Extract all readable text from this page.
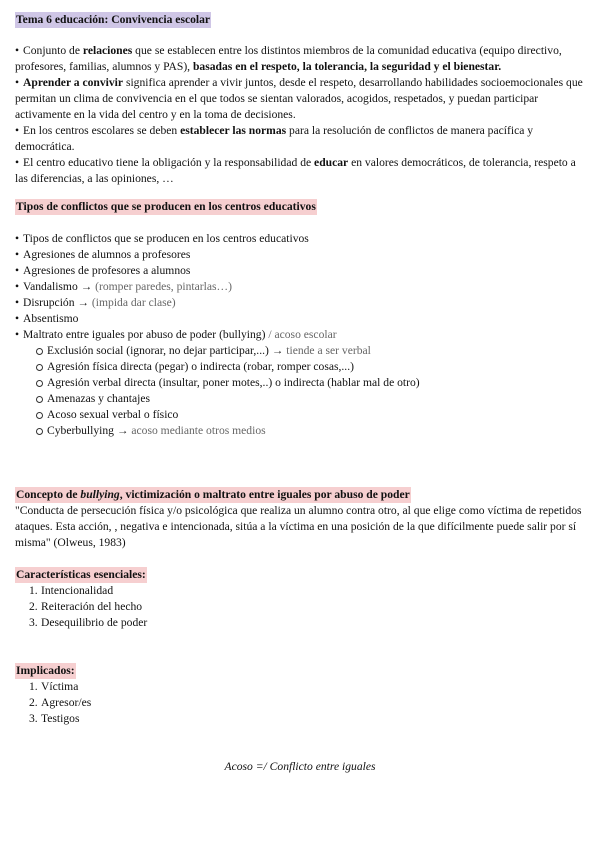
Tema 6 educación: Convivencia escolar

• Conjunto de relaciones que se establecen entre los distintos miembros de la comunidad educativa (equipo directivo, profesores, familias, alumnos y PAS), basadas en el respeto, la tolerancia, la seguridad y el bienestar.

• Aprender a convivir significa aprender a vivir juntos, desde el respeto, desarrollando habilidades socioemocionales que permitan un clima de convivencia en el que todos se sientan valorados, acogidos, respetados, y puedan participar activamente en la vida del centro y en la toma de decisiones.

• En los centros escolares se deben establecer las normas para la resolución de conflictos de manera pacífica y democrática.

• El centro educativo tiene la obligación y la responsabilidad de educar en valores democráticos, de tolerancia, respeto a las diferencias, a las opiniones, …

Tipos de conflictos que se producen en los centros educativos
• Tipos de conflictos que se producen en los centros educativos
• Agresiones de alumnos a profesores
• Agresiones de profesores a alumnos
• Vandalismo → (romper paredes, pintarlas…)
• Disrupción → (impida dar clase)
• Absentismo
• Maltrato entre iguales por abuso de poder (bullying) / acoso escolar
Exclusión social (ignorar, no dejar participar,...) → tiende a ser verbal
Agresión física directa (pegar) o indirecta (robar, romper cosas,...)
Agresión verbal directa (insultar, poner motes,..) o indirecta (hablar mal de otro)
Amenazas y chantajes
Acoso sexual verbal o físico
Cyberbullying → acoso mediante otros medios
Concepto de bullying, victimización o maltrato entre iguales por abuso de poder

"Conducta de persecución física y/o psicológica que realiza un alumno contra otro, al que elige como víctima de repetidos ataques. Esta acción, , negativa e intencionada, sitúa a la víctima en una posición de la que difícilmente puede salir por sí misma" (Olweus, 1983)

Características esenciales:
1. Intencionalidad
2. Reiteración del hecho
3. Desequilibrio de poder
Implicados:
1. Víctima
2. Agresor/es
3. Testigos

Acoso =/ Conflicto entre iguales
